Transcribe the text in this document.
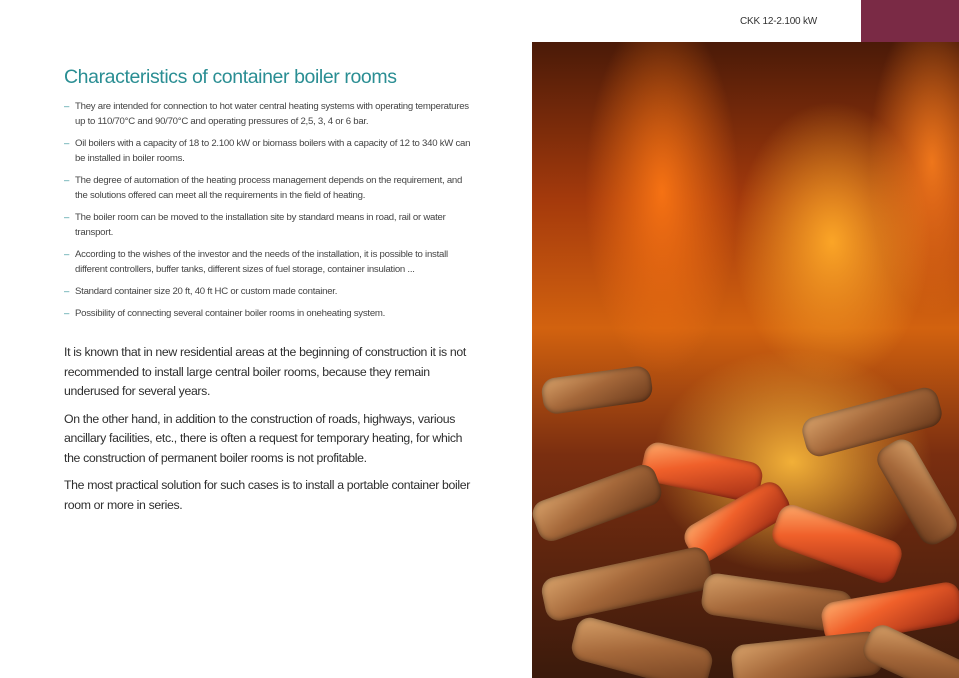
CKK 12-2.100 kW
Characteristics of container boiler rooms
– They are intended for connection to hot water central heating systems with operating temperatures up to 110/70°C and 90/70°C and operating pressures of 2,5, 3, 4 or 6 bar.
– Oil boilers with a capacity of 18 to 2.100 kW or biomass boilers with a capacity of 12 to 340 kW can be installed in boiler rooms.
– The degree of automation of the heating process management depends on the requirement, and the solutions offered can meet all the requirements in the field of heating.
– The boiler room can be moved to the installation site by standard means in road, rail or water transport.
– According to the wishes of the investor and the needs of the installation, it is possible to install different controllers, buffer tanks, different sizes of fuel storage, container insulation ...
– Standard container size 20 ft, 40 ft HC or custom made container.
– Possibility of connecting several container boiler rooms in oneheating system.

It is known that in new residential areas at the beginning of construction it is not recommended to install large central boiler rooms, because they remain underused for several years.

On the other hand, in addition to the construction of roads, highways, various ancillary facilities, etc., there is often a request for temporary heating, for which the construction of permanent boiler rooms is not profitable.

The most practical solution for such cases is to install a portable container boiler room or more in series.
